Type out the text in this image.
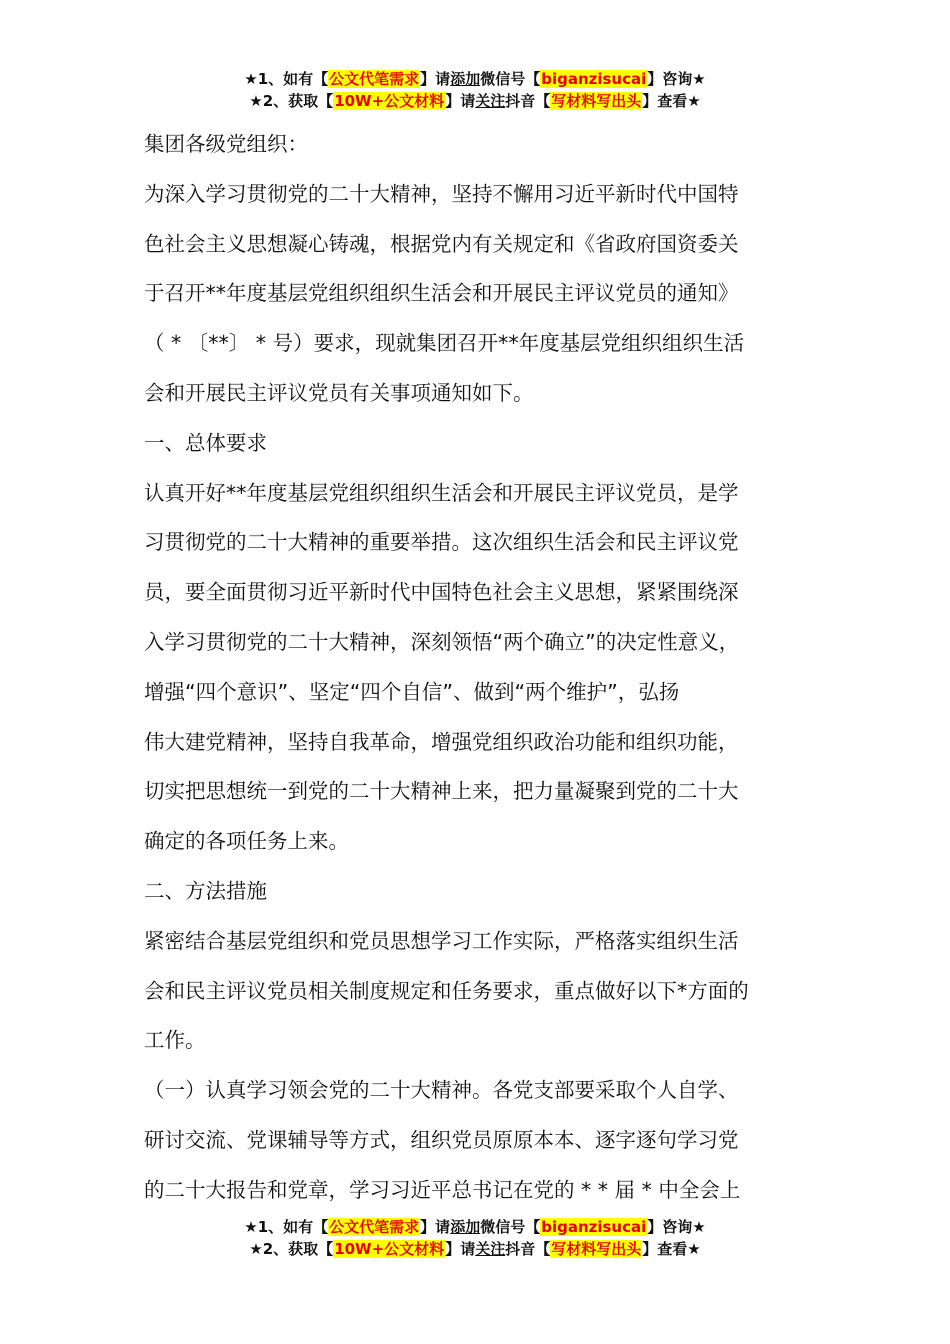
★1、如有【公文代笔需求】请添加微信号【biganzisucai】咨询★
★2、获取【10W+公文材料】请关注抖音【写材料写出头】查看★
集团各级党组织：
为深入学习贯彻党的二十大精神，坚持不懈用习近平新时代中国特
色社会主义思想凝心铸魂，根据党内有关规定和《省政府国资委关
于召开**年度基层党组织组织生活会和开展民主评议党员的通知》
（ * 〔**〕 * 号）要求，现就集团召开**年度基层党组织组织生活
会和开展民主评议党员有关事项通知如下。
一、总体要求
认真开好**年度基层党组织组织生活会和开展民主评议党员，是学
习贯彻党的二十大精神的重要举措。这次组织生活会和民主评议党
员，要全面贯彻习近平新时代中国特色社会主义思想，紧紧围绕深
入学习贯彻党的二十大精神，深刻领悟“两个确立”的决定性意义，
增强“四个意识”、坚定“四个自信”、做到“两个维护”，弘扬
伟大建党精神，坚持自我革命，增强党组织政治功能和组织功能，
切实把思想统一到党的二十大精神上来，把力量凝聚到党的二十大
确定的各项任务上来。
二、方法措施
紧密结合基层党组织和党员思想学习工作实际，严格落实组织生活
会和民主评议党员相关制度规定和任务要求，重点做好以下*方面的
工作。
（一）认真学习领会党的二十大精神。各党支部要采取个人自学、
研讨交流、党课辅导等方式，组织党员原原本本、逐字逐句学习党
的二十大报告和党章，学习习近平总书记在党的 * * 届 * 中全会上
★1、如有【公文代笔需求】请添加微信号【biganzisucai】咨询★
★2、获取【10W+公文材料】请关注抖音【写材料写出头】查看★
